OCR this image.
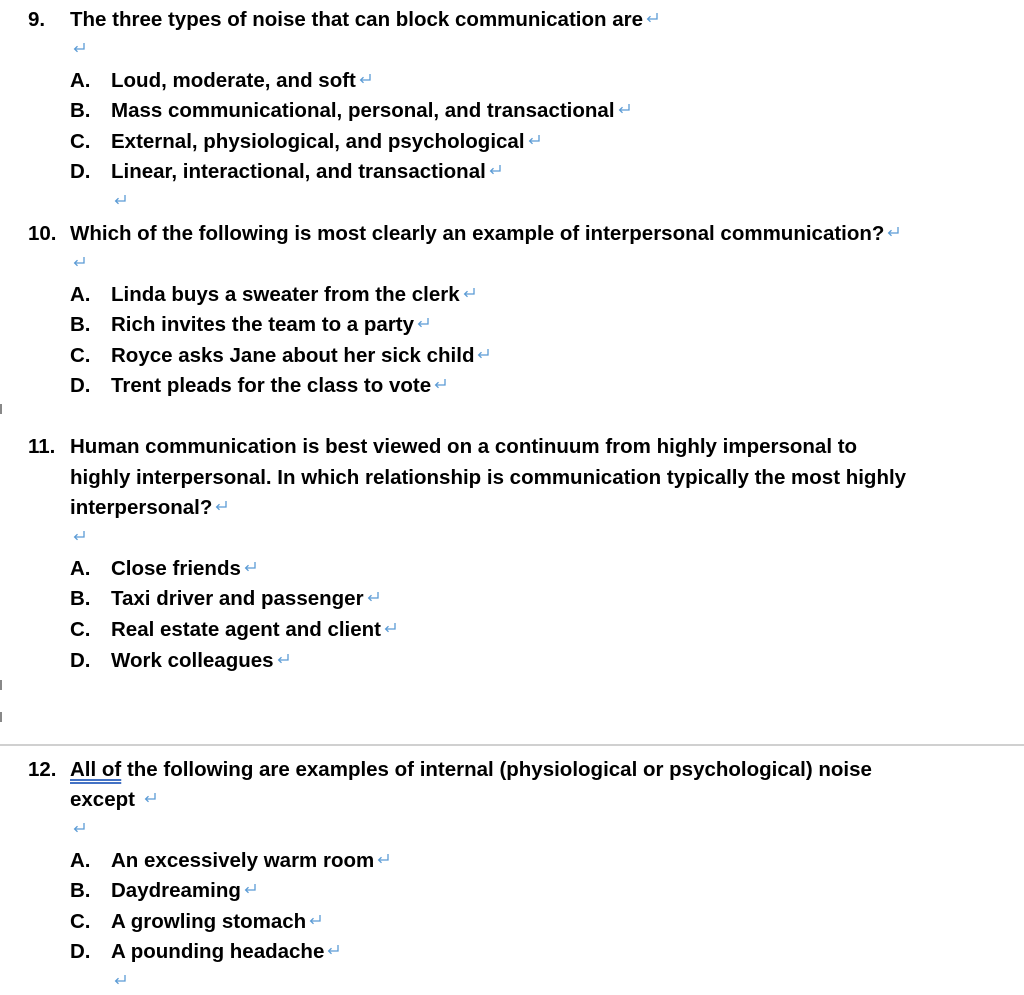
9. The three types of noise that can block communication are
A. Loud, moderate, and soft
B. Mass communicational, personal, and transactional
C. External, physiological, and psychological
D. Linear, interactional, and transactional
10. Which of the following is most clearly an example of interpersonal communication?
A. Linda buys a sweater from the clerk
B. Rich invites the team to a party
C. Royce asks Jane about her sick child
D. Trent pleads for the class to vote
11. Human communication is best viewed on a continuum from highly impersonal to
highly interpersonal. In which relationship is communication typically the most highly
interpersonal?
A. Close friends
B. Taxi driver and passenger
C. Real estate agent and client
D. Work colleagues
12. All of the following are examples of internal (physiological or psychological) noise
except
A. An excessively warm room
B. Daydreaming
C. A growling stomach
D. A pounding headache
